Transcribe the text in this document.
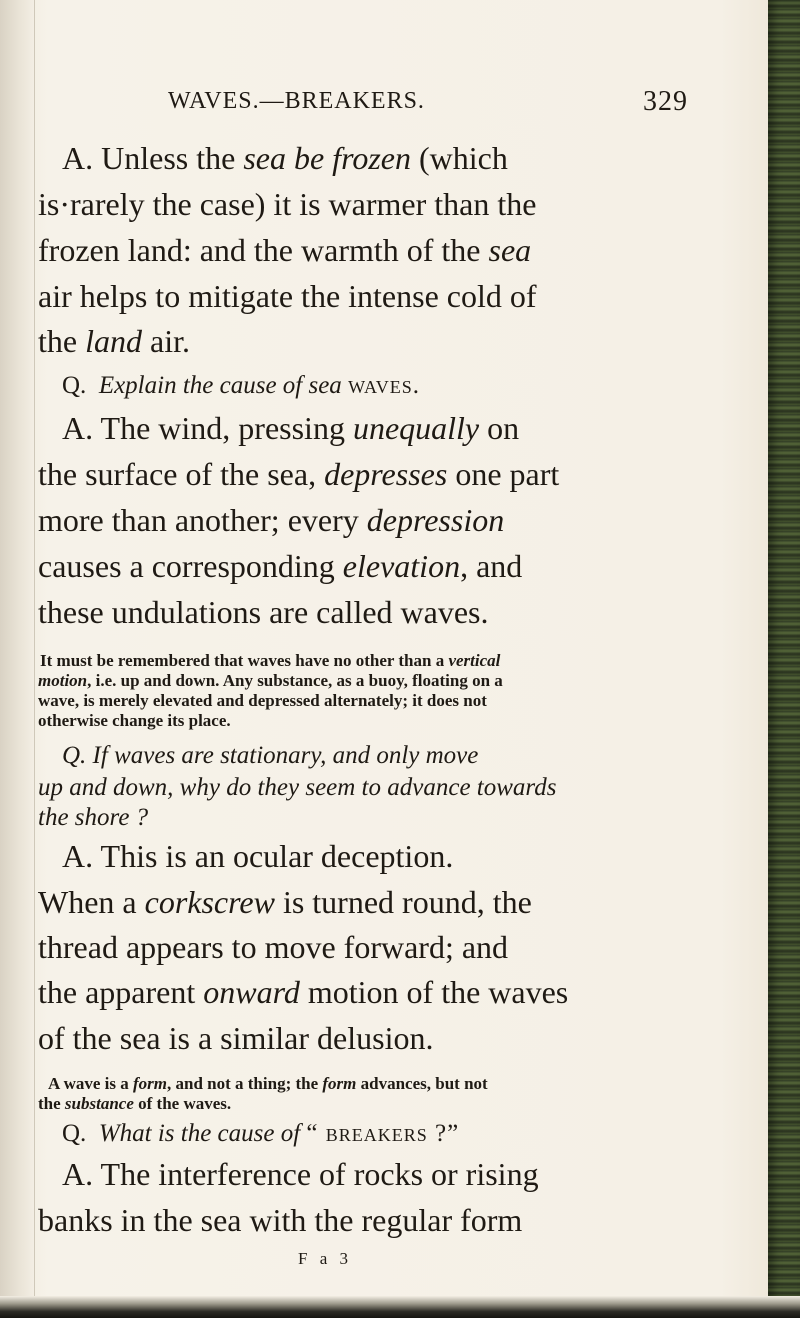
WAVES.—BREAKERS.	329
A. Unless the sea be frozen (which
is·rarely the case) it is warmer than the
frozen land: and the warmth of the sea
air helps to mitigate the intense cold of
the land air.
Q. Explain the cause of sea waves.
A. The wind, pressing unequally on
the surface of the sea, depresses one part
more than another; every depression
causes a corresponding elevation, and
these undulations are called waves.
It must be remembered that waves have no other than a vertical
motion, i.e. up and down. Any substance, as a buoy, floating on a
wave, is merely elevated and depressed alternately; it does not
otherwise change its place.
Q. If waves are stationary, and only move
up and down, why do they seem to advance towards
the shore ?
A. This is an ocular deception.
When a corkscrew is turned round, the
thread appears to move forward; and
the apparent onward motion of the waves
of the sea is a similar delusion.
A wave is a form, and not a thing; the form advances, but not
the substance of the waves.
Q. What is the cause of “ breakers ?”
A. The interference of rocks or rising
banks in the sea with the regular form
F a 3
